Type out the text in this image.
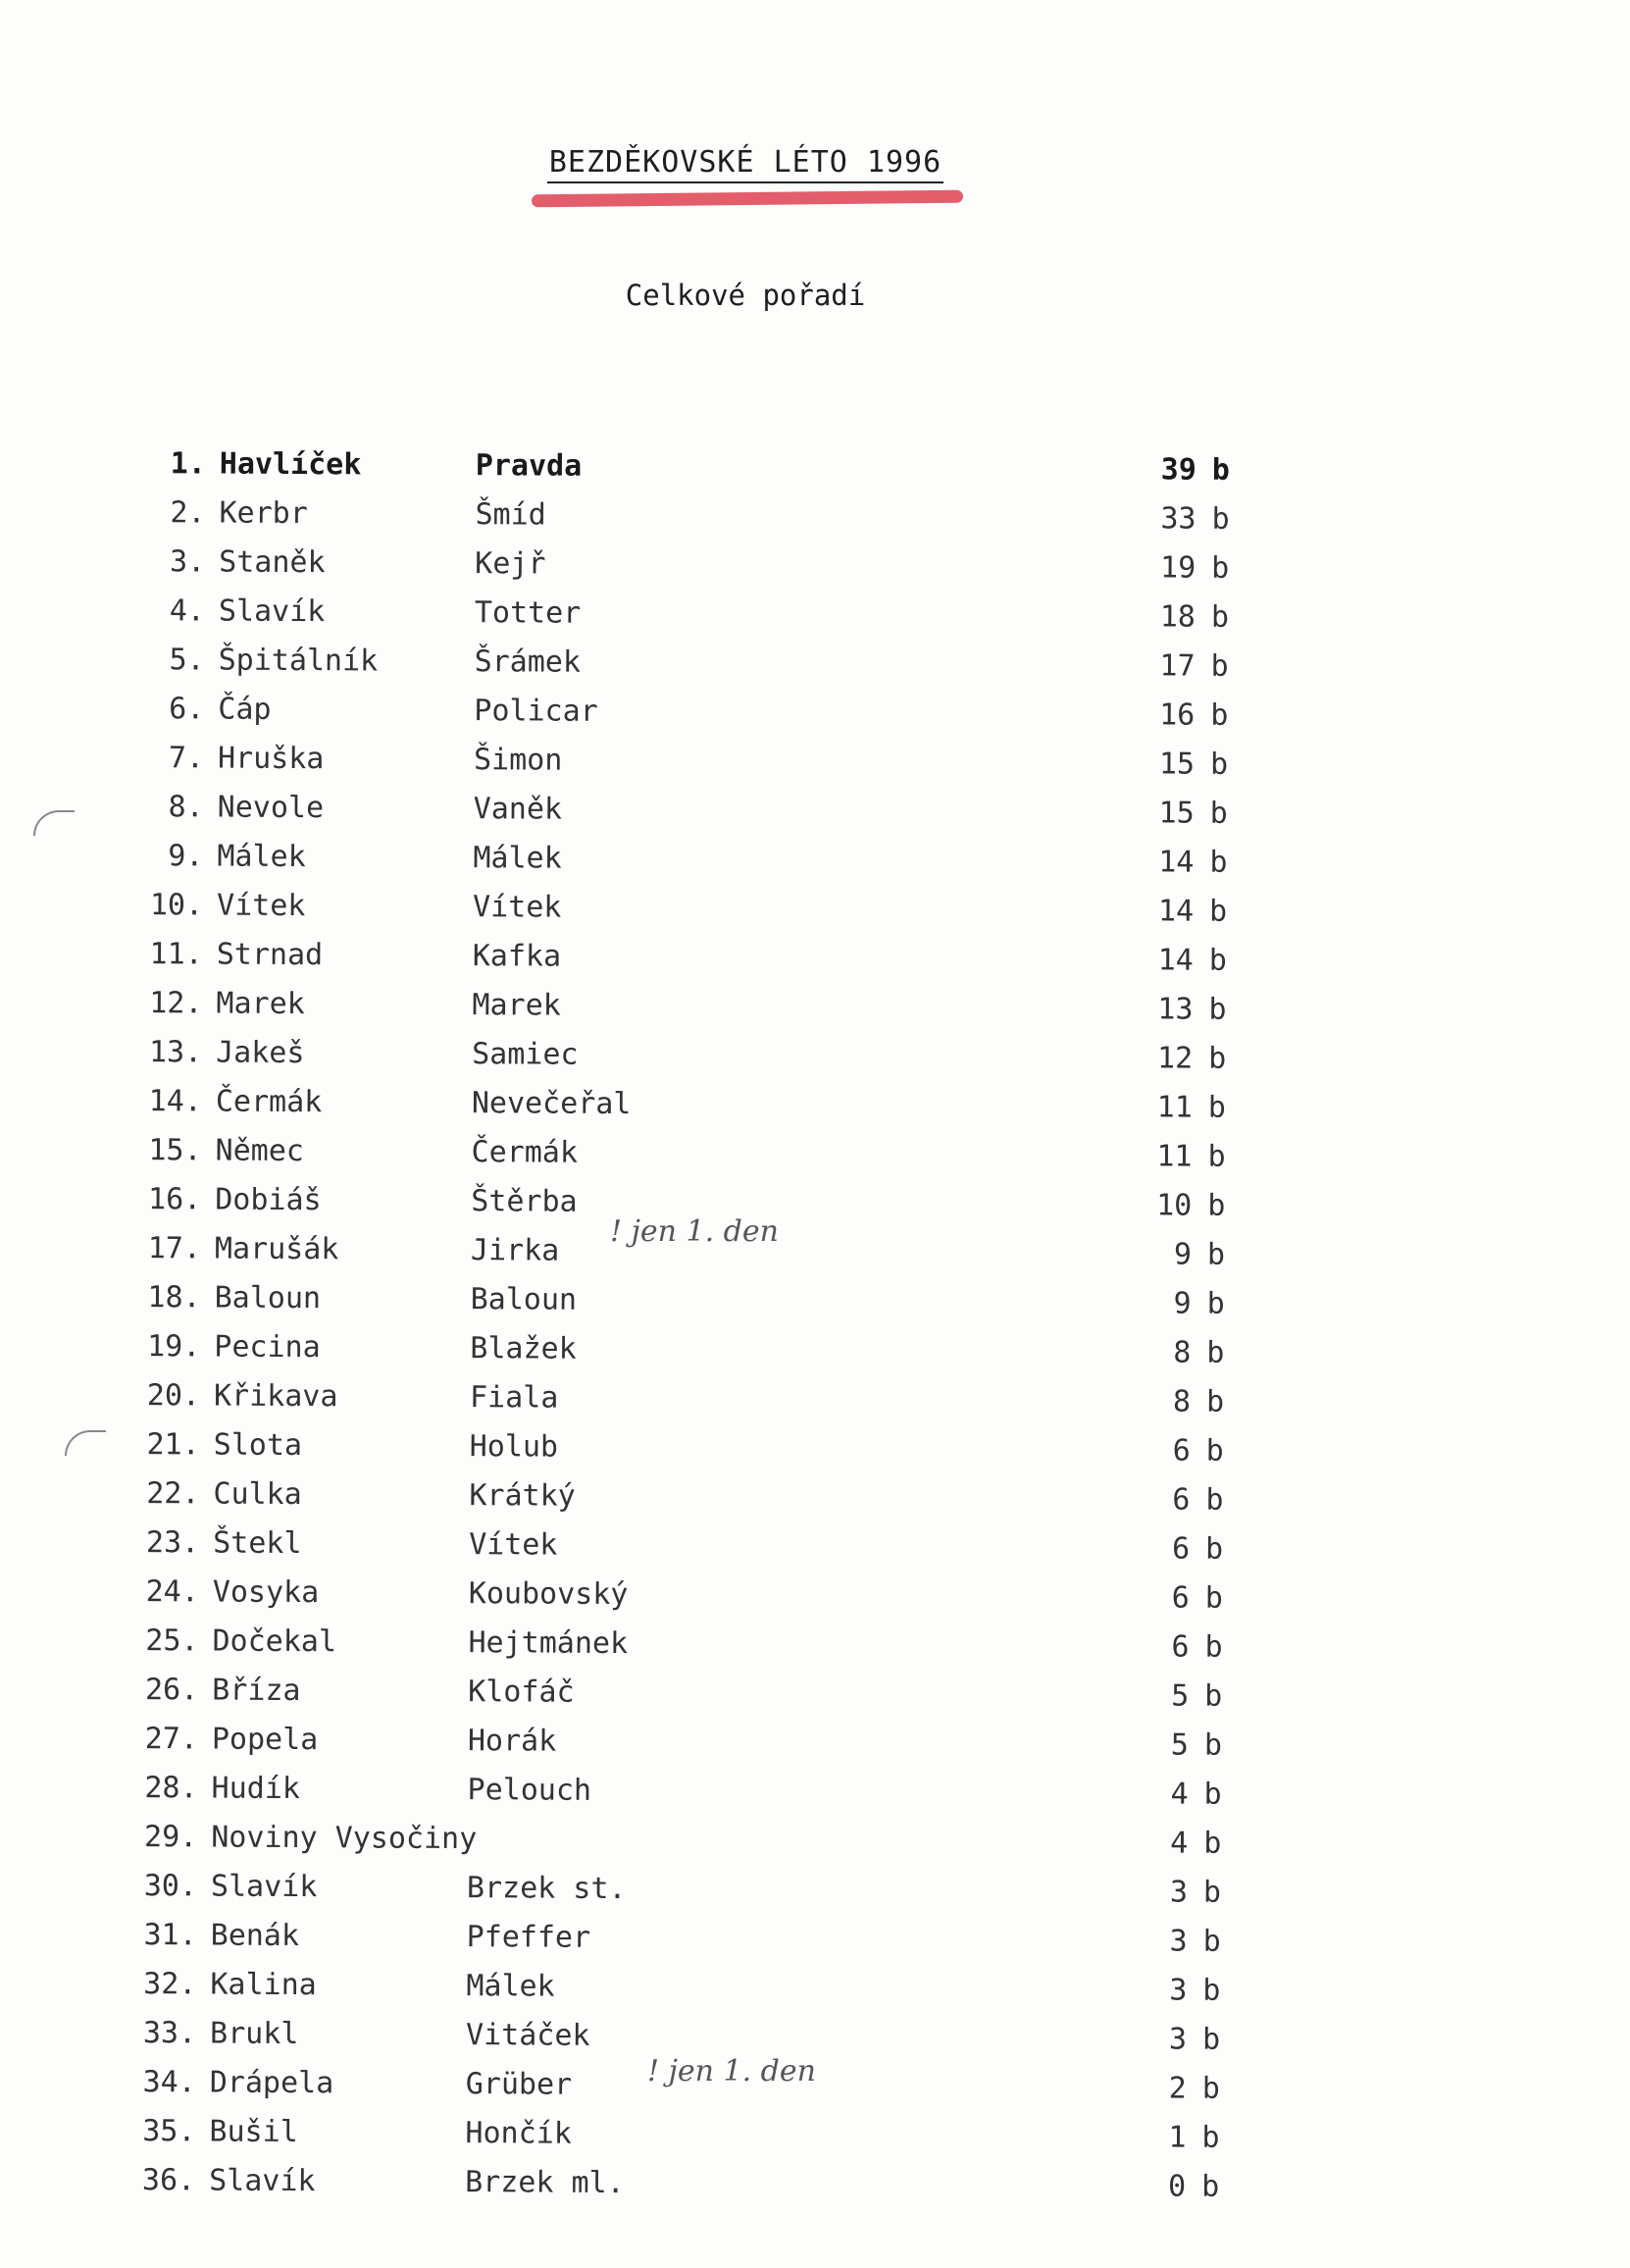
BEZDĚKOVSKÉ LÉTO 1996
Celkové pořadí
1. Havlíček	Pravda	39 b
2. Kerbr	Šmíd	33 b
3. Staněk	Kejř	19 b
4. Slavík	Totter	18 b
5. Špitálník	Šrámek	17 b
6. Čáp	Policar	16 b
7. Hruška	Šimon	15 b
8. Nevole	Vaněk	15 b
9. Málek	Málek	14 b
10. Vítek	Vítek	14 b
11. Strnad	Kafka	14 b
12. Marek	Marek	13 b
13. Jakeš	Samiec	12 b
14. Čermák	Nevečeřal	11 b
15. Němec	Čermák	11 b
16. Dobiáš	Štěrba	10 b
17. Marušák	Jirka	9 b
18. Baloun	Baloun	9 b
19. Pecina	Blažek	8 b
20. Křikava	Fiala	8 b
21. Slota	Holub	6 b
22. Culka	Krátký	6 b
23. Štekl	Vítek	6 b
24. Vosyka	Koubovský	6 b
25. Dočekal	Hejtmánek	6 b
26. Bříza	Klofáč	5 b
27. Popela	Horák	5 b
28. Hudík	Pelouch	4 b
29. Noviny Vysočiny	4 b
30. Slavík	Brzek st.	3 b
31. Benák	Pfeffer	3 b
32. Kalina	Málek	3 b
33. Brukl	Vitáček	3 b
34. Drápela	Grüber	2 b
35. Bušil	Hončík	1 b
36. Slavík	Brzek ml.	0 b
! jen 1. den
! jen 1. den
